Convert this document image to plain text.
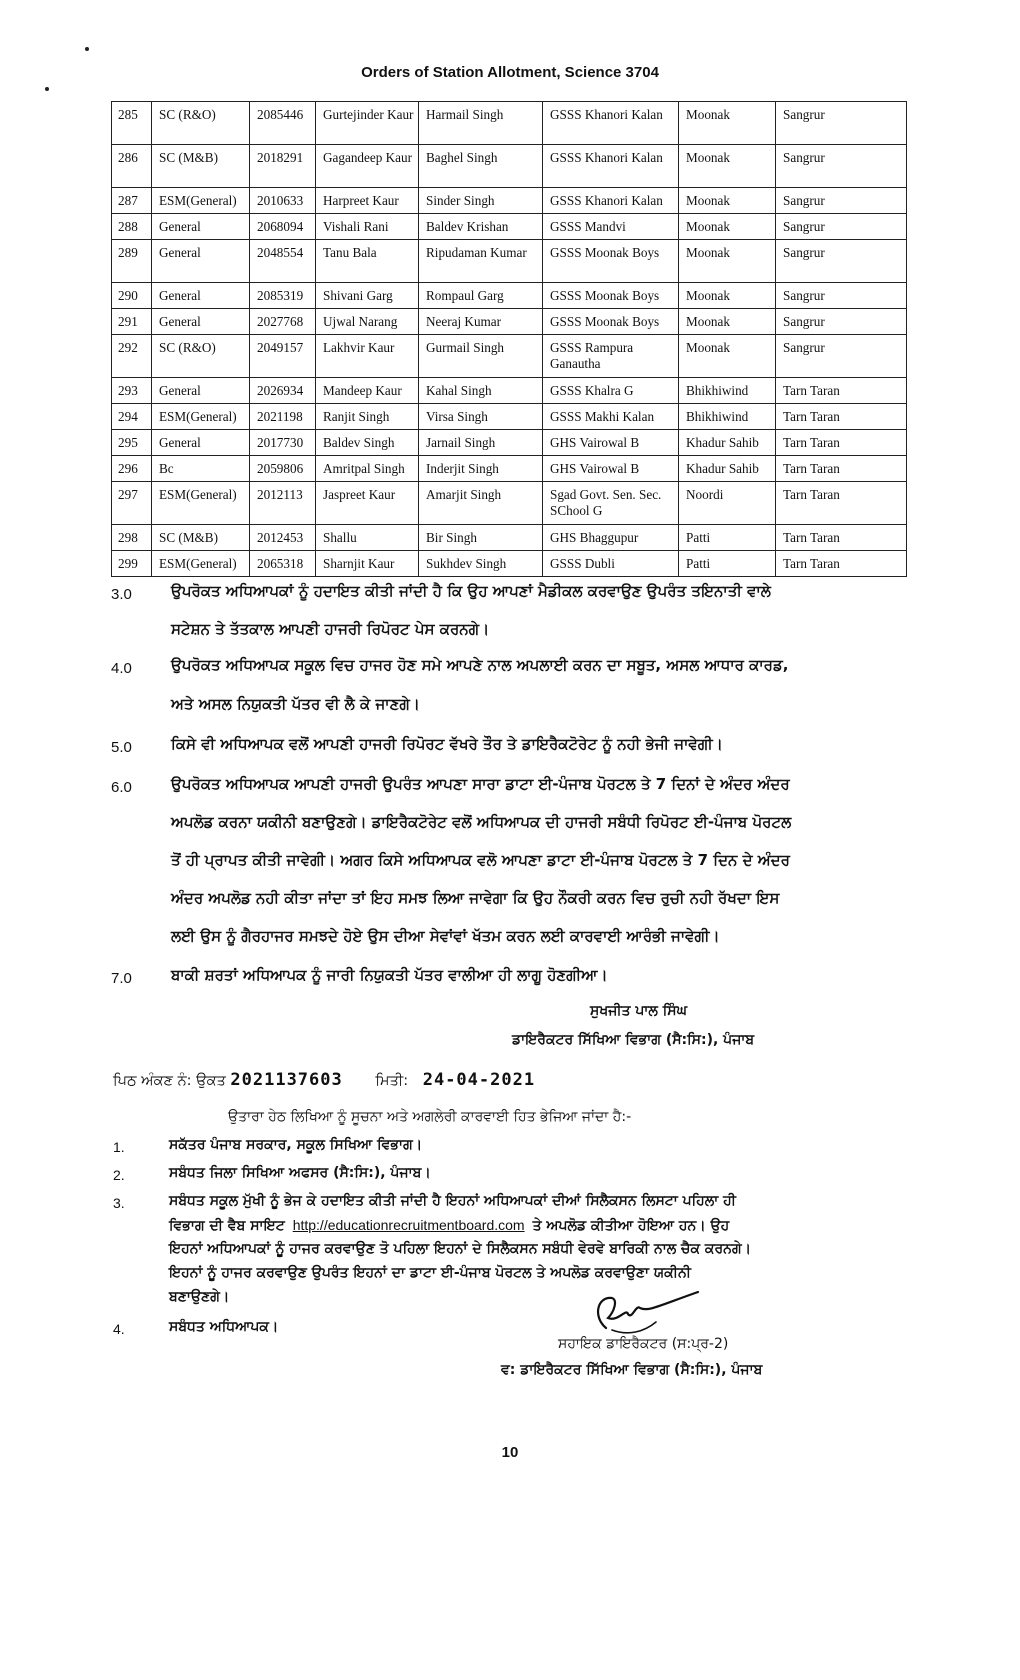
Orders of Station Allotment, Science 3704
285	SC (R&O)	2085446	Gurtejinder Kaur	Harmail Singh	GSSS Khanori Kalan	Moonak	Sangrur
286	SC (M&B)	2018291	Gagandeep Kaur	Baghel Singh	GSSS Khanori Kalan	Moonak	Sangrur
287	ESM(General)	2010633	Harpreet Kaur	Sinder Singh	GSSS Khanori Kalan	Moonak	Sangrur
288	General	2068094	Vishali Rani	Baldev Krishan	GSSS Mandvi	Moonak	Sangrur
289	General	2048554	Tanu Bala	Ripudaman Kumar	GSSS Moonak Boys	Moonak	Sangrur
290	General	2085319	Shivani Garg	Rompaul Garg	GSSS Moonak Boys	Moonak	Sangrur
291	General	2027768	Ujwal Narang	Neeraj Kumar	GSSS Moonak Boys	Moonak	Sangrur
292	SC (R&O)	2049157	Lakhvir Kaur	Gurmail Singh	GSSS Rampura Ganautha	Moonak	Sangrur
293	General	2026934	Mandeep Kaur	Kahal Singh	GSSS Khalra G	Bhikhiwind	Tarn Taran
294	ESM(General)	2021198	Ranjit Singh	Virsa Singh	GSSS Makhi Kalan	Bhikhiwind	Tarn Taran
295	General	2017730	Baldev Singh	Jarnail Singh	GHS Vairowal B	Khadur Sahib	Tarn Taran
296	Bc	2059806	Amritpal Singh	Inderjit Singh	GHS Vairowal B	Khadur Sahib	Tarn Taran
297	ESM(General)	2012113	Jaspreet Kaur	Amarjit Singh	Sgad Govt. Sen. Sec. SChool G	Noordi	Tarn Taran
298	SC (M&B)	2012453	Shallu	Bir Singh	GHS Bhaggupur	Patti	Tarn Taran
299	ESM(General)	2065318	Sharnjit Kaur	Sukhdev Singh	GSSS Dubli	Patti	Tarn Taran
3.0	ਉਪਰੋਕਤ ਅਧਿਆਪਕਾਂ ਨੂੰ ਹਦਾਇਤ ਕੀਤੀ ਜਾਂਦੀ ਹੈ ਕਿ ਉਹ ਆਪਣਾਂ ਮੈਡੀਕਲ ਕਰਵਾਉਣ ਉਪਰੰਤ ਤਇਨਾਤੀ ਵਾਲੇ
ਸਟੇਸ਼ਨ ਤੇ ਤੱਤਕਾਲ ਆਪਣੀ ਹਾਜਰੀ ਰਿਪੋਰਟ ਪੇਸ ਕਰਨਗੇ।
4.0	ਉਪਰੋਕਤ ਅਧਿਆਪਕ ਸਕੂਲ ਵਿਚ ਹਾਜਰ ਹੋਣ ਸਮੇ ਆਪਣੇ ਨਾਲ ਅਪਲਾਈ ਕਰਨ ਦਾ ਸਬੂਤ, ਅਸਲ ਆਧਾਰ ਕਾਰਡ,
ਅਤੇ ਅਸਲ ਨਿਯੁਕਤੀ ਪੱਤਰ ਵੀ ਲੈ ਕੇ ਜਾਣਗੇ।
5.0	ਕਿਸੇ ਵੀ ਅਧਿਆਪਕ ਵਲੋਂ ਆਪਣੀ ਹਾਜਰੀ ਰਿਪੋਰਟ ਵੱਖਰੇ ਤੌਰ ਤੇ ਡਾਇਰੈਕਟੋਰੇਟ ਨੂੰ ਨਹੀ ਭੇਜੀ ਜਾਵੇਗੀ।
6.0	ਉਪਰੋਕਤ ਅਧਿਆਪਕ ਆਪਣੀ ਹਾਜਰੀ ਉਪਰੰਤ ਆਪਣਾ ਸਾਰਾ ਡਾਟਾ ਈ-ਪੰਜਾਬ ਪੋਰਟਲ ਤੇ 7 ਦਿਨਾਂ ਦੇ ਅੰਦਰ ਅੰਦਰ
ਅਪਲੋਡ ਕਰਨਾ ਯਕੀਨੀ ਬਣਾਉਣਗੇ। ਡਾਇਰੈਕਟੋਰੇਟ ਵਲੋਂ ਅਧਿਆਪਕ ਦੀ ਹਾਜਰੀ ਸਬੰਧੀ ਰਿਪੋਰਟ ਈ-ਪੰਜਾਬ ਪੋਰਟਲ
ਤੋਂ ਹੀ ਪ੍ਰਾਪਤ ਕੀਤੀ ਜਾਵੇਗੀ। ਅਗਰ ਕਿਸੇ ਅਧਿਆਪਕ ਵਲੋ ਆਪਣਾ ਡਾਟਾ ਈ-ਪੰਜਾਬ ਪੋਰਟਲ ਤੇ 7 ਦਿਨ ਦੇ ਅੰਦਰ
ਅੰਦਰ ਅਪਲੋਡ ਨਹੀ ਕੀਤਾ ਜਾਂਦਾ ਤਾਂ ਇਹ ਸਮਝ ਲਿਆ ਜਾਵੇਗਾ ਕਿ ਉਹ ਨੌਕਰੀ ਕਰਨ ਵਿਚ ਰੁਚੀ ਨਹੀ ਰੱਖਦਾ ਇਸ
ਲਈ ਉਸ ਨੂੰ ਗੈਰਹਾਜਰ ਸਮਝਦੇ ਹੋਏ ਉਸ ਦੀਆ ਸੇਵਾਂਵਾਂ ਖੱਤਮ ਕਰਨ ਲਈ ਕਾਰਵਾਈ ਆਰੰਭੀ ਜਾਵੇਗੀ।
7.0	ਬਾਕੀ ਸ਼ਰਤਾਂ ਅਧਿਆਪਕ ਨੂੰ ਜਾਰੀ ਨਿਯੁਕਤੀ ਪੱਤਰ ਵਾਲੀਆ ਹੀ ਲਾਗੂ ਹੋਣਗੀਆ।
ਸੁਖਜੀਤ ਪਾਲ ਸਿੰਘ
ਡਾਇਰੈਕਟਰ ਸਿੱਖਿਆ ਵਿਭਾਗ (ਸੈ:ਸਿ:), ਪੰਜਾਬ
ਪਿਠ ਅੰਕਣ ਨੰ: ਉਕਤ 2021137603 ਮਿਤੀ: 24-04-2021
ਉਤਾਰਾ ਹੇਠ ਲਿਖਿਆ ਨੂੰ ਸੂਚਨਾ ਅਤੇ ਅਗਲੇਰੀ ਕਾਰਵਾਈ ਹਿਤ ਭੇਜਿਆ ਜਾਂਦਾ ਹੈ:-
1.	ਸਕੱਤਰ ਪੰਜਾਬ ਸਰਕਾਰ, ਸਕੂਲ ਸਿਖਿਆ ਵਿਭਾਗ।
2.	ਸਬੰਧਤ ਜਿਲਾ ਸਿਖਿਆ ਅਫਸਰ (ਸੈ:ਸਿ:), ਪੰਜਾਬ।
3.	ਸਬੰਧਤ ਸਕੂਲ ਮੁੱਖੀ ਨੂੰ ਭੇਜ ਕੇ ਹਦਾਇਤ ਕੀਤੀ ਜਾਂਦੀ ਹੈ ਇਹਨਾਂ ਅਧਿਆਪਕਾਂ ਦੀਆਂ ਸਿਲੈਕਸਨ ਲਿਸਟਾ ਪਹਿਲਾ ਹੀ
ਵਿਭਾਗ ਦੀ ਵੈਬ ਸਾਇਟ http://educationrecruitmentboard.com ਤੇ ਅਪਲੋਡ ਕੀਤੀਆ ਹੋਇਆ ਹਨ। ਉਹ
ਇਹਨਾਂ ਅਧਿਆਪਕਾਂ ਨੂੰ ਹਾਜਰ ਕਰਵਾਉਣ ਤੋ ਪਹਿਲਾ ਇਹਨਾਂ ਦੇ ਸਿਲੈਕਸਨ ਸਬੰਧੀ ਵੇਰਵੇ ਬਾਰਿਕੀ ਨਾਲ ਚੈਕ ਕਰਨਗੇ।
ਇਹਨਾਂ ਨੂੰ ਹਾਜਰ ਕਰਵਾਉਣ ਉਪਰੰਤ ਇਹਨਾਂ ਦਾ ਡਾਟਾ ਈ-ਪੰਜਾਬ ਪੋਰਟਲ ਤੇ ਅਪਲੋਡ ਕਰਵਾਉਣਾ ਯਕੀਨੀ
ਬਣਾਉਣਗੇ।
4.	ਸਬੰਧਤ ਅਧਿਆਪਕ।
ਸਹਾਇਕ ਡਾਇਰੈਕਟਰ (ਸ:ਪ੍ਰ-2)
ਵ: ਡਾਇਰੈਕਟਰ ਸਿੱਖਿਆ ਵਿਭਾਗ (ਸੈ:ਸਿ:), ਪੰਜਾਬ
10
